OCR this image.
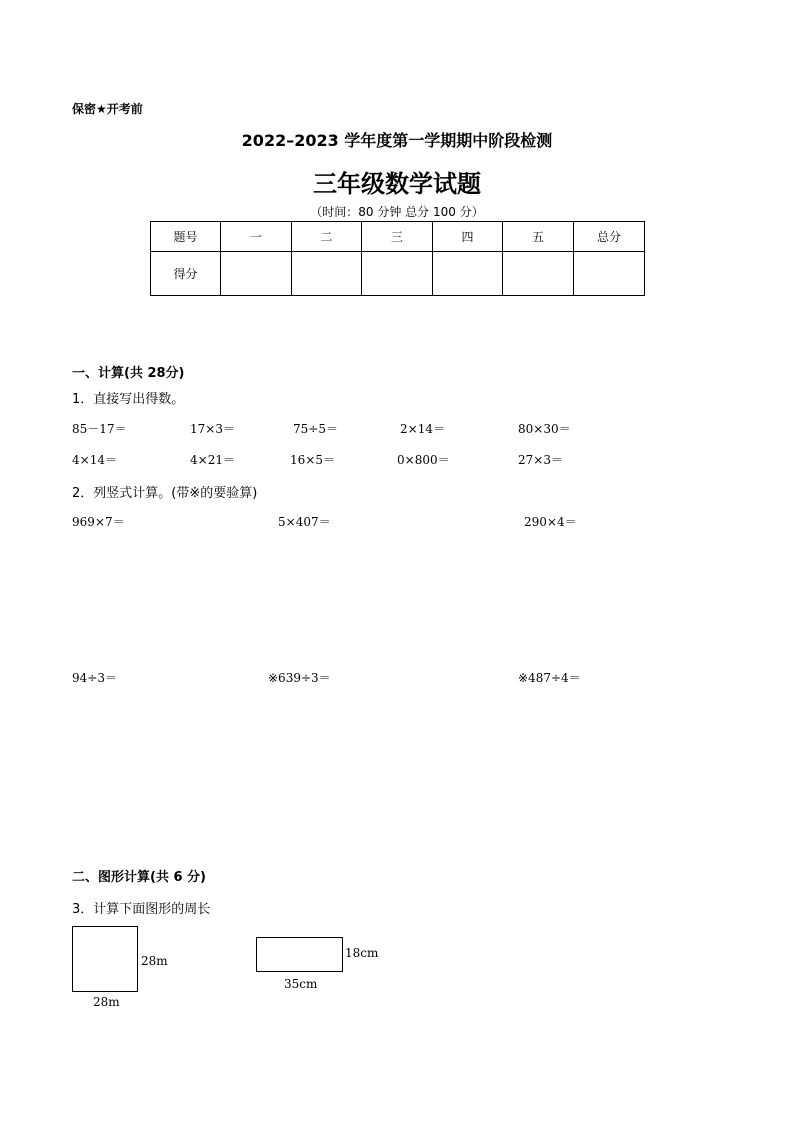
保密★开考前
2022–2023 学年度第一学期期中阶段检测
三年级数学试题
（时间：80 分钟 总分 100 分）
题号	一	二	三	四	五	总分
得分						
一、计算(共 28分)
1．直接写出得数。
85－17＝	17×3＝	75÷5＝	2×14＝	80×30＝
4×14＝	4×21＝	16×5＝	0×800＝	27×3＝
2．列竖式计算。(带※的要验算)
969×7＝	5×407＝	290×4＝
94÷3＝	※639÷3＝	※487÷4＝
二、图形计算(共 6 分)
3．计算下面图形的周长
28m
28m
18cm
35cm
